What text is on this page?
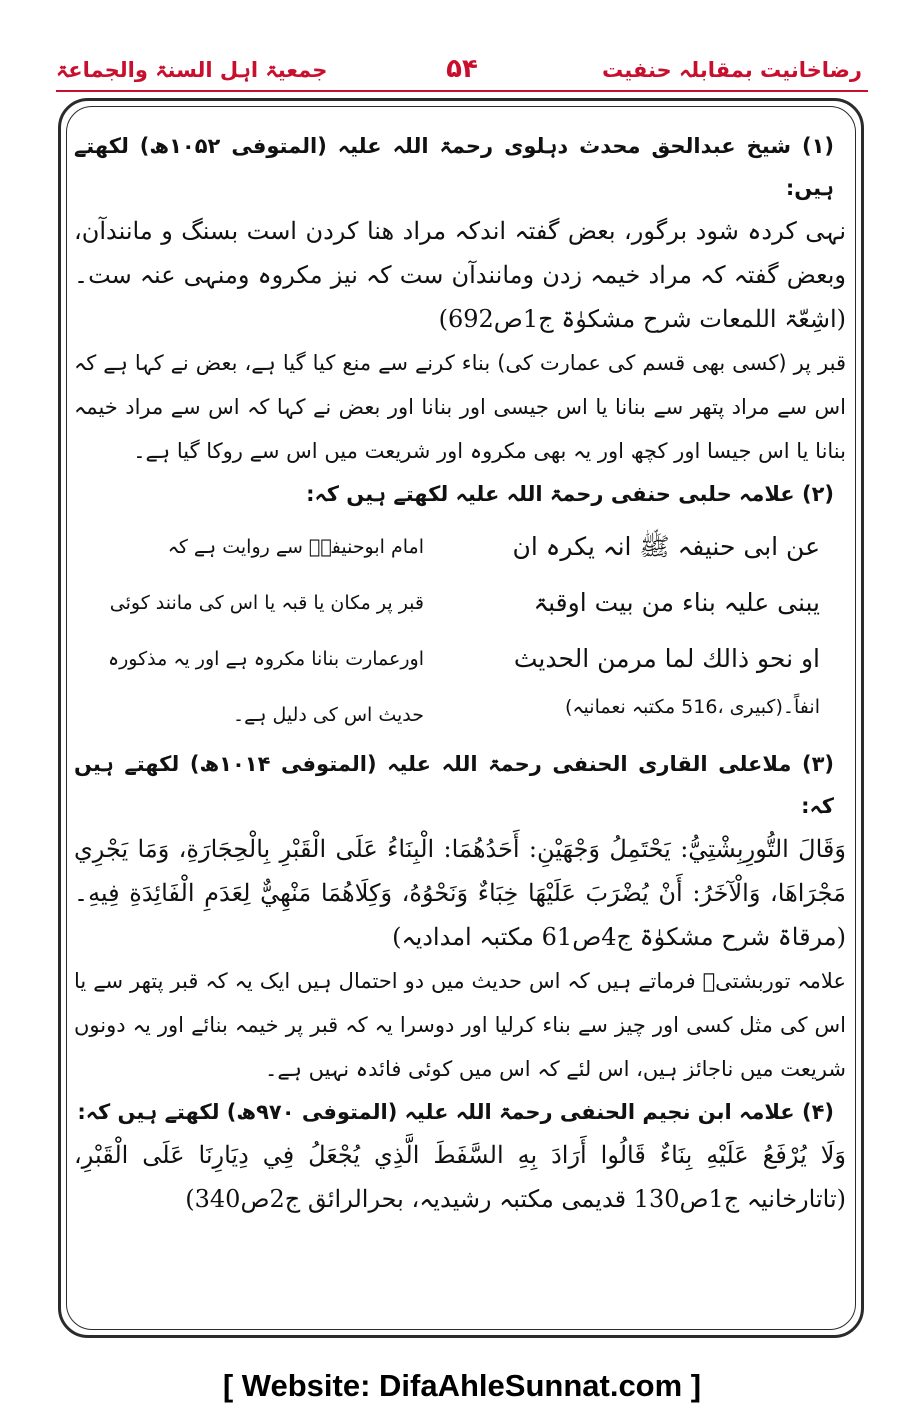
جمعیۃ اہل السنۃ والجماعۃ	۵۴	رضاخانیت بمقابلہ حنفیت

(۱) شیخ عبدالحق محدث دہلوی رحمۃ اللہ علیہ (المتوفی ۱۰۵۲ھ) لکھتے ہیں:

نہی کردہ شود برگور، بعض گفتہ اندکہ مراد ھنا کردن است بسنگ و مانندآن، وبعض گفتہ کہ مراد خیمہ زدن ومانندآن ست کہ نیز مکروہ ومنہی عنہ ست۔ (اشِعّۃ اللمعات شرح مشکوٰۃ ج1ص692)

قبر پر (کسی بھی قسم کی عمارت کی) بناء کرنے سے منع کیا گیا ہے، بعض نے کہا ہے کہ اس سے مراد پتھر سے بنانا یا اس جیسی اور بنانا اور بعض نے کہا کہ اس سے مراد خیمہ بنانا یا اس جیسا اور کچھ اور یہ بھی مکروہ اور شریعت میں اس سے روکا گیا ہے۔

(۲) علامہ حلبی حنفی رحمۃ اللہ علیہ لکھتے ہیں کہ:

عن ابی حنیفہ ﷺ انہ یکرہ ان
یبنی علیہ بناء من بیت اوقبۃ
او نحو ذالك لما مرمن الحدیث
انفاً۔(کبیری ،516 مکتبہ نعمانیہ)
امام ابوحنیفہؒ سے روایت ہے کہ
قبر پر مکان یا قبہ یا اس کی مانند کوئی
اورعمارت بنانا مکروہ ہے اور یہ مذکورہ
حدیث اس کی دلیل ہے۔

(۳) ملاعلی القاری الحنفی رحمۃ اللہ علیہ (المتوفی ۱۰۱۴ھ) لکھتے ہیں کہ:

وَقَالَ التُّورِبِشْتِيُّ: يَحْتَمِلُ وَجْهَيْنِ: أَحَدُهُمَا: الْبِنَاءُ عَلَى الْقَبْرِ بِالْحِجَارَةِ، وَمَا يَجْرِي مَجْرَاهَا، وَالْآخَرُ: أَنْ يُضْرَبَ عَلَيْهَا خِبَاءٌ وَنَحْوُهُ، وَكِلَاهُمَا مَنْهِيٌّ لِعَدَمِ الْفَائِدَةِ فِيهِ۔ (مرقاۃ شرح مشکوٰۃ ج4ص61 مکتبہ امدادیہ)

علامہ توربشتیؒ فرماتے ہیں کہ اس حدیث میں دو احتمال ہیں ایک یہ کہ قبر پتھر سے یا اس کی مثل کسی اور چیز سے بناء کرلیا اور دوسرا یہ کہ قبر پر خیمہ بنائے اور یہ دونوں شریعت میں ناجائز ہیں، اس لئے کہ اس میں کوئی فائدہ نہیں ہے۔

(۴) علامہ ابن نجیم الحنفی رحمۃ اللہ علیہ (المتوفی ۹۷۰ھ) لکھتے ہیں کہ:

وَلَا يُرْفَعُ عَلَيْهِ بِنَاءٌ قَالُوا أَرَادَ بِهِ السَّفَطَ الَّذِي يُجْعَلُ فِي دِيَارِنَا عَلَى الْقَبْرِ، (تاتارخانیہ ج1ص130 قدیمی مکتبہ رشیدیہ، بحرالرائق ج2ص340)

[ Website: DifaAhleSunnat.com ]
